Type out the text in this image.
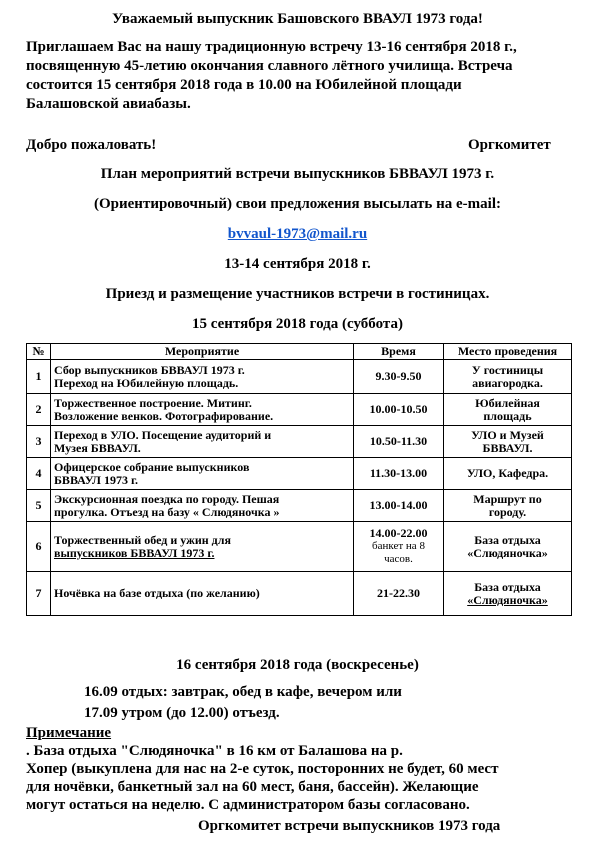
Уважаемый выпускник Башовского ВВАУЛ 1973 года!

Приглашаем Вас на нашу традиционную встречу 13-16 сентября 2018 г.,
посвященную 45-летию окончания славного лётного училища. Встреча
состоится 15 сентября 2018 года в 10.00 на Юбилейной площади
Балашовской авиабазы.

Добро пожаловать!	Оргкомитет

План мероприятий встречи выпускников БВВАУЛ 1973 г.

(Ориентировочный) свои предложения высылать на e-mail:

bvvaul-1973@mail.ru

13-14 сентября 2018 г.

Приезд и размещение участников встречи в гостиницах.

15 сентября 2018 года (суббота)

№	Мероприятие	Время	Место проведения
1	Сбор выпускников БВВАУЛ 1973 г.
Переход на Юбилейную площадь.	9.30-9.50	У гостиницы
авиагородка.

2	Торжественное построение. Митинг.
Возложение венков. Фотографирование.	10.00-10.50	Юбилейная
площадь

3	Переход в УЛО. Посещение аудиторий и
Музея БВВАУЛ.	10.50-11.30	УЛО и Музей
БВВАУЛ.

4	Офицерское собрание выпускников
БВВАУЛ 1973 г.	11.30-13.00	УЛО, Кафедра.

5	Экскурсионная поездка по городу. Пешая
прогулка. Отъезд на базу « Слюдяночка »	13.00-14.00	Маршрут по
городу.

6	Торжественный обед и ужин для
выпускников БВВАУЛ 1973 г.	14.00-22.00
банкет на 8 часов.	База отдыха
«Слюдяночка»

7	Ночёвка на базе отдыха (по желанию)	21-22.30	База отдыха
«Слюдяночка»

16 сентября 2018 года (воскресенье)

16.09 отдых: завтрак, обед в кафе, вечером или

17.09 утром (до 12.00) отъезд.

Примечание
. База отдыха "Слюдяночка" в 16 км от Балашова на р.
Хопер (выкуплена для нас на 2-е суток, посторонних не будет, 60 мест
для ночёвки, банкетный зал на 60 мест, баня, бассейн). Желающие
могут остаться на неделю. С администратором базы согласовано.

Оргкомитет встречи выпускников 1973 года
